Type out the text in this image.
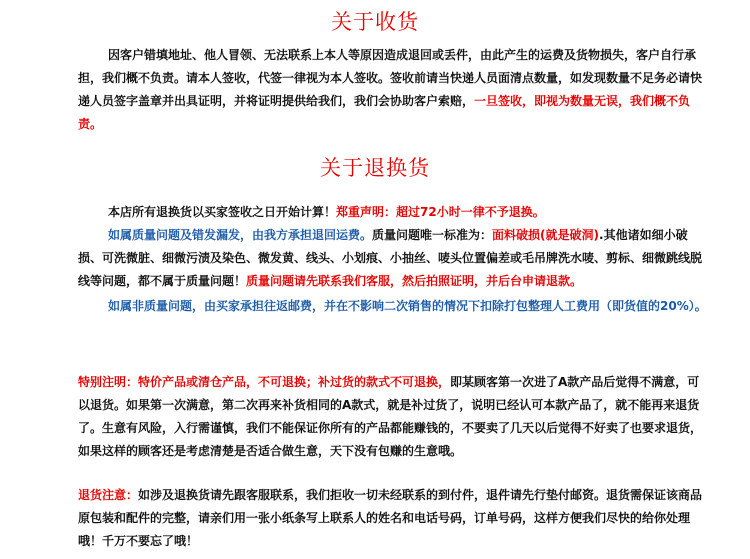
关于收货
因客户错填地址、他人冒领、无法联系上本人等原因造成退回或丢件，由此产生的运费及货物损失，客户自行承担，我们概不负责。请本人签收，代签一律视为本人签收。签收前请当快递人员面清点数量，如发现数量不足务必请快递人员签字盖章并出具证明，并将证明提供给我们，我们会协助客户索赔，一旦签收，即视为数量无误，我们概不负责。
关于退换货
本店所有退换货以买家签收之日开始计算！郑重声明：超过72小时一律不予退换。
如属质量问题及错发漏发，由我方承担退回运费。质量问题唯一标准为：面料破损(就是破洞).其他诸如细小破损、可洗微脏、细微污渍及染色、微发黄、线头、小划痕、小抽丝、唛头位置偏差或毛吊牌洗水唛、剪标、细微跳线脱线等问题，都不属于质量问题！质量问题请先联系我们客服，然后拍照证明，并后台申请退款。
如属非质量问题，由买家承担往返邮费，并在不影响二次销售的情况下扣除打包整理人工费用（即货值的20%）。
特别注明：特价产品或清仓产品，不可退换；补过货的款式不可退换，即某顾客第一次进了A款产品后觉得不满意，可以退货。如果第一次满意，第二次再来补货相同的A款式，就是补过货了，说明已经认可本款产品了，就不能再来退货了。生意有风险，入行需谨慎，我们不能保证你所有的产品都能赚钱的，不要卖了几天以后觉得不好卖了也要求退货，如果这样的顾客还是考虑清楚是否适合做生意，天下没有包赚的生意哦。
退货注意：如涉及退换货请先跟客服联系，我们拒收一切未经联系的到付件，退件请先行垫付邮资。退货需保证该商品原包装和配件的完整，请亲们用一张小纸条写上联系人的姓名和电话号码，订单号码，这样方便我们尽快的给你处理哦！千万不要忘了哦！
